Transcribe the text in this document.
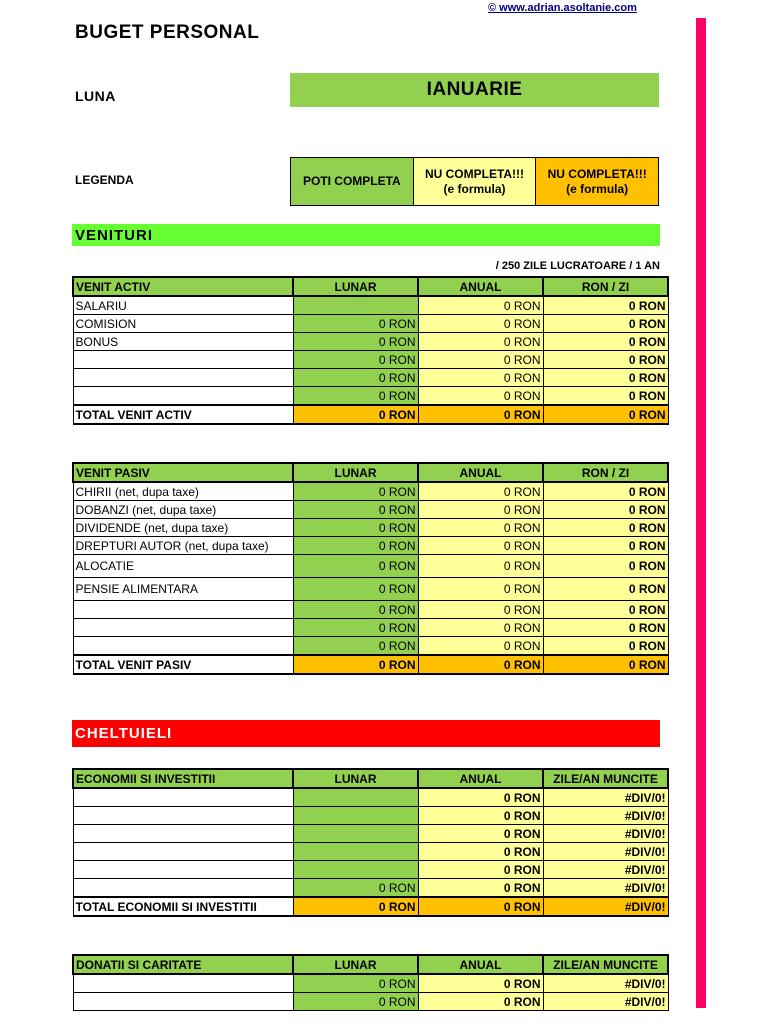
© www.adrian.asoltanie.com
BUGET PERSONAL
LUNA	IANUARIE
LEGENDA	POTI COMPLETA
NU COMPLETA!!!
(e formula)
NU COMPLETA!!!
(e formula)
VENITURI
/ 250 ZILE LUCRATOARE / 1 AN
VENIT ACTIV	LUNAR	ANUAL	RON / ZI
SALARIU		0 RON	0 RON
COMISION	0 RON	0 RON	0 RON
BONUS	0 RON	0 RON	0 RON
	0 RON	0 RON	0 RON
	0 RON	0 RON	0 RON
	0 RON	0 RON	0 RON
TOTAL VENIT ACTIV	0 RON	0 RON	0 RON
VENIT PASIV	LUNAR	ANUAL	RON / ZI
CHIRII (net, dupa taxe)	0 RON	0 RON	0 RON
DOBANZI (net, dupa taxe)	0 RON	0 RON	0 RON
DIVIDENDE (net, dupa taxe)	0 RON	0 RON	0 RON
DREPTURI AUTOR (net, dupa taxe)	0 RON	0 RON	0 RON
ALOCATIE	0 RON	0 RON	0 RON
PENSIE ALIMENTARA	0 RON	0 RON	0 RON
	0 RON	0 RON	0 RON
	0 RON	0 RON	0 RON
	0 RON	0 RON	0 RON
TOTAL VENIT PASIV	0 RON	0 RON	0 RON
CHELTUIELI
ECONOMII SI INVESTITII	LUNAR	ANUAL	ZILE/AN MUNCITE
		0 RON	#DIV/0!
		0 RON	#DIV/0!
		0 RON	#DIV/0!
		0 RON	#DIV/0!
		0 RON	#DIV/0!
	0 RON	0 RON	#DIV/0!
TOTAL ECONOMII SI INVESTITII	0 RON	0 RON	#DIV/0!
DONATII SI CARITATE	LUNAR	ANUAL	ZILE/AN MUNCITE
	0 RON	0 RON	#DIV/0!
	0 RON	0 RON	#DIV/0!
